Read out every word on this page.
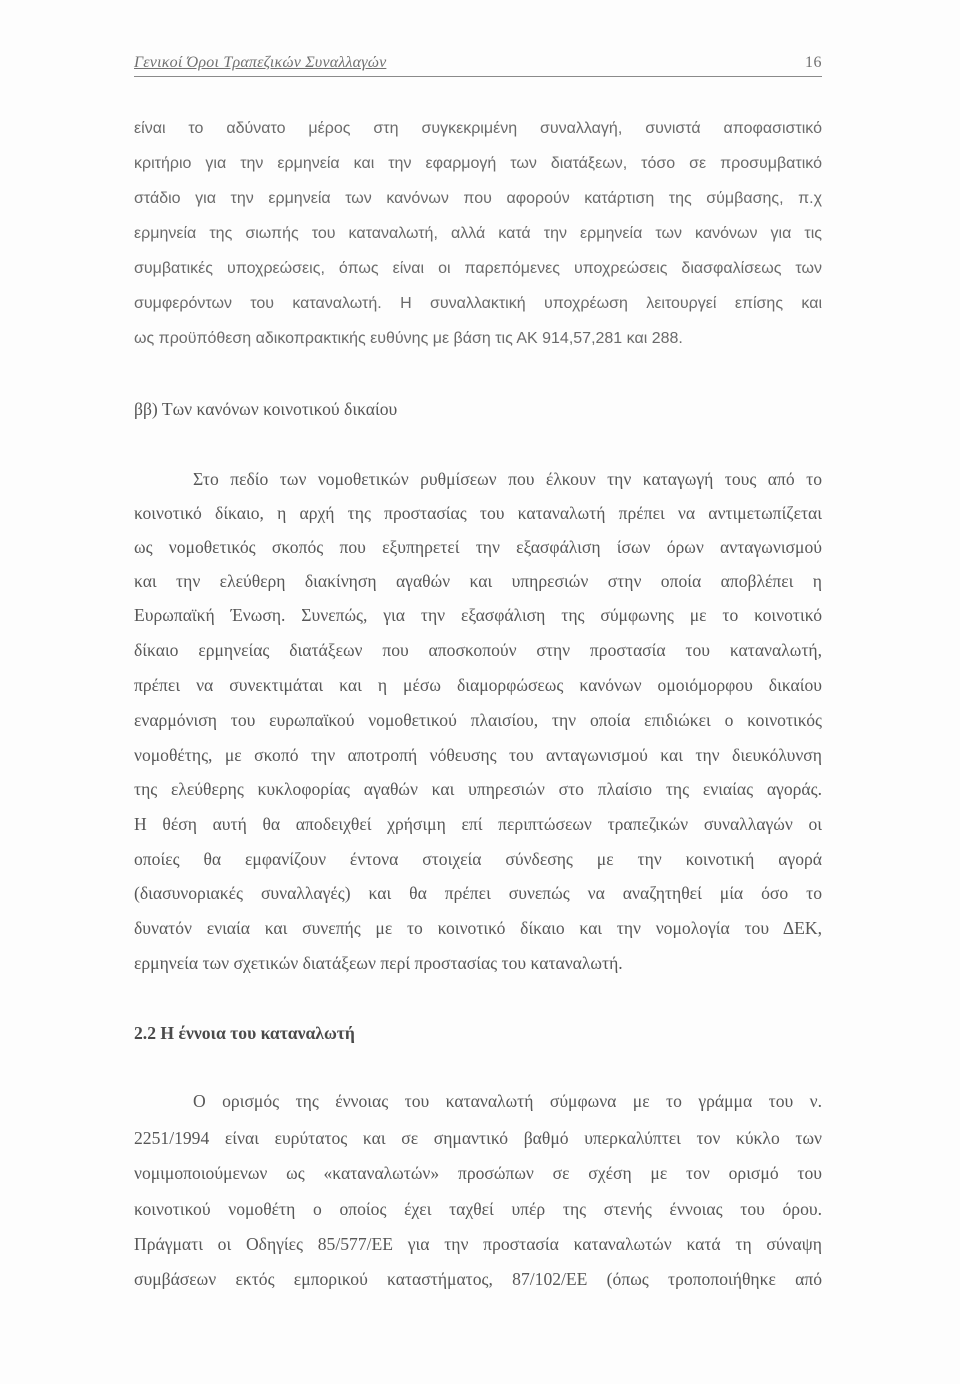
Γενικοί Όροι Τραπεζικών Συναλλαγών	16
είναι το αδύνατο μέρος στη συγκεκριμένη συναλλαγή, συνιστά αποφασιστικό
κριτήριο για την ερμηνεία και την εφαρμογή των διατάξεων, τόσο σε προσυμβατικό
στάδιο για την ερμηνεία των κανόνων που αφορούν κατάρτιση της σύμβασης, π.χ
ερμηνεία της σιωπής του καταναλωτή, αλλά κατά την ερμηνεία των κανόνων για τις
συμβατικές υποχρεώσεις, όπως είναι οι παρεπόμενες υποχρεώσεις διασφαλίσεως των
συμφερόντων του καταναλωτή. Η συναλλακτική υποχρέωση λειτουργεί επίσης και
ως προϋπόθεση αδικοπρακτικής ευθύνης με βάση τις ΑΚ 914,57,281 και 288.
ββ) Των κανόνων κοινοτικού δικαίου
Στο πεδίο των νομοθετικών ρυθμίσεων που έλκουν την καταγωγή τους από το
κοινοτικό δίκαιο, η αρχή της προστασίας του καταναλωτή πρέπει να αντιμετωπίζεται
ως νομοθετικός σκοπός που εξυπηρετεί την εξασφάλιση ίσων όρων ανταγωνισμού
και την ελεύθερη διακίνηση αγαθών και υπηρεσιών στην οποία αποβλέπει η
Ευρωπαϊκή Ένωση. Συνεπώς, για την εξασφάλιση της σύμφωνης με το κοινοτικό
δίκαιο ερμηνείας διατάξεων που αποσκοπούν στην προστασία του καταναλωτή,
πρέπει να συνεκτιμάται και η μέσω διαμορφώσεως κανόνων ομοιόμορφου δικαίου
εναρμόνιση του ευρωπαϊκού νομοθετικού πλαισίου, την οποία επιδιώκει ο κοινοτικός
νομοθέτης, με σκοπό την αποτροπή νόθευσης του ανταγωνισμού και την διευκόλυνση
της ελεύθερης κυκλοφορίας αγαθών και υπηρεσιών στο πλαίσιο της ενιαίας αγοράς.
Η θέση αυτή θα αποδειχθεί χρήσιμη επί περιπτώσεων τραπεζικών συναλλαγών οι
οποίες θα εμφανίζουν έντονα στοιχεία σύνδεσης με την κοινοτική αγορά
(διασυνοριακές συναλλαγές) και θα πρέπει συνεπώς να αναζητηθεί μία όσο το
δυνατόν ενιαία και συνεπής με το κοινοτικό δίκαιο και την νομολογία του ΔΕΚ,
ερμηνεία των σχετικών διατάξεων περί προστασίας του καταναλωτή.
2.2 Η έννοια του καταναλωτή
Ο ορισμός της έννοιας του καταναλωτή σύμφωνα με το γράμμα του ν.
2251/1994 είναι ευρύτατος και σε σημαντικό βαθμό υπερκαλύπτει τον κύκλο των
νομιμοποιούμενων ως «καταναλωτών» προσώπων σε σχέση με τον ορισμό του
κοινοτικού νομοθέτη ο οποίος έχει ταχθεί υπέρ της στενής έννοιας του όρου.
Πράγματι οι Οδηγίες 85/577/ΕΕ για την προστασία καταναλωτών κατά τη σύναψη
συμβάσεων εκτός εμπορικού καταστήματος, 87/102/ΕΕ (όπως τροποποιήθηκε από
